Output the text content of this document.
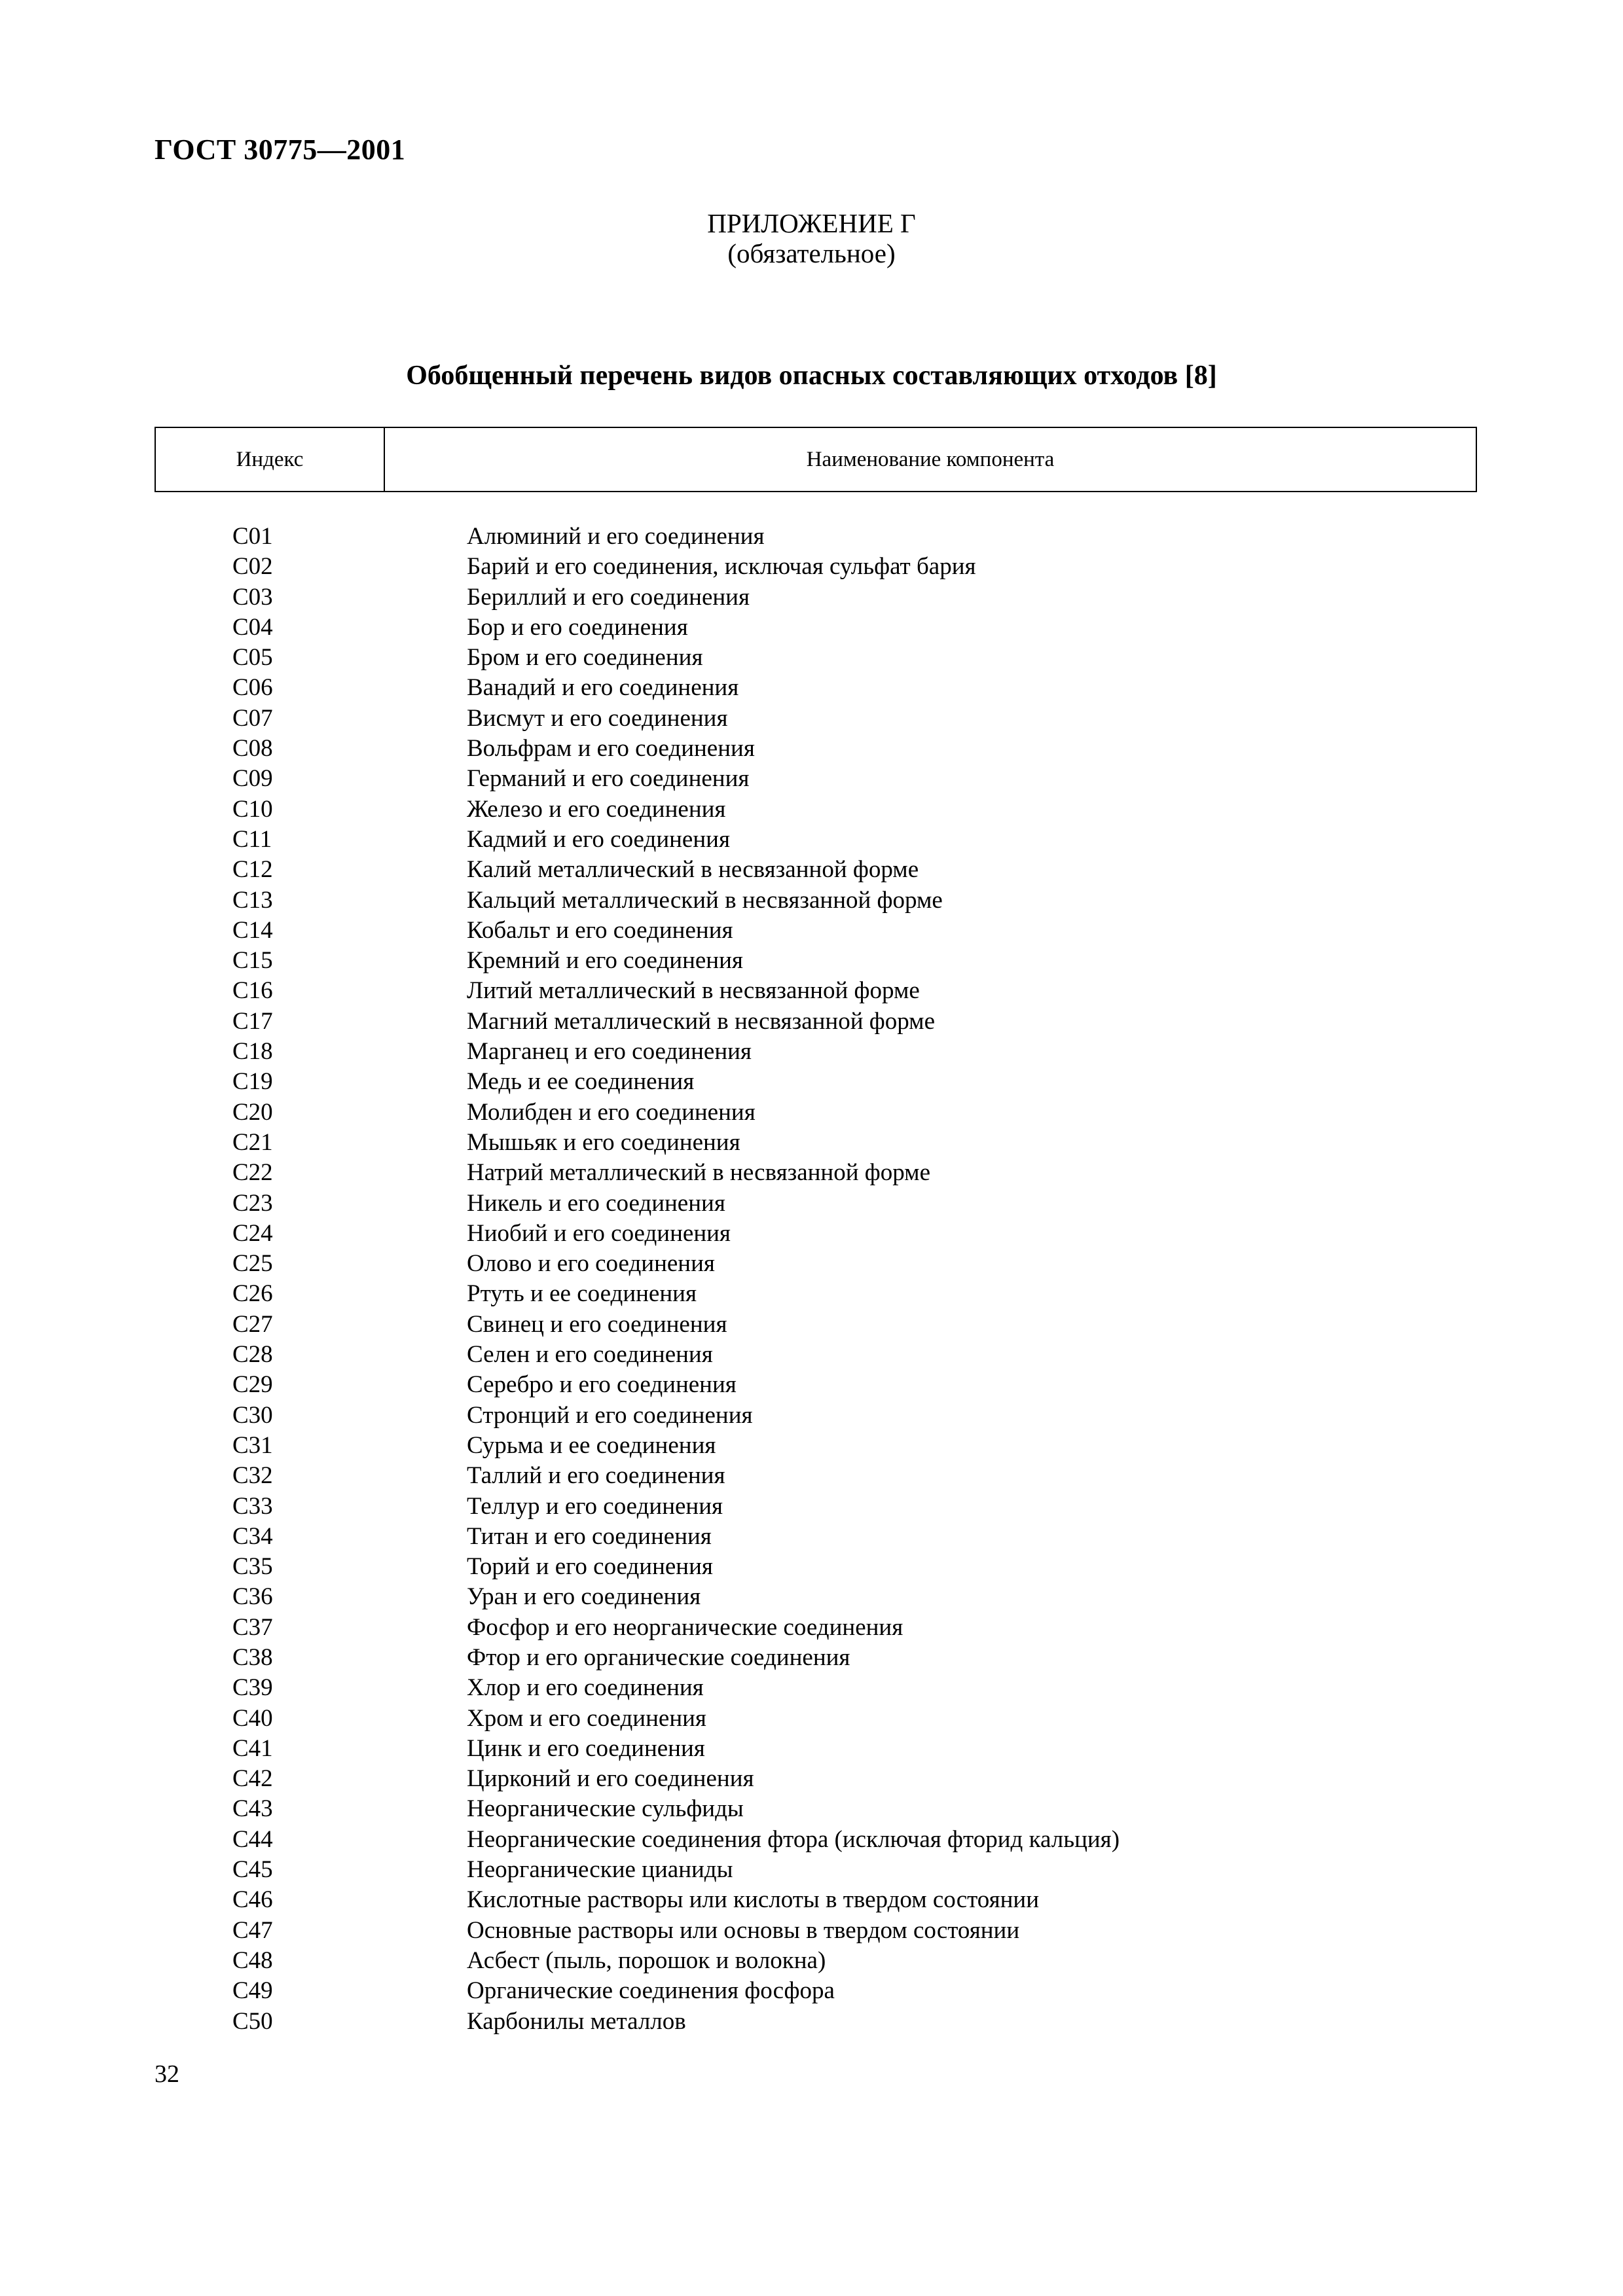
ГОСТ 30775—2001
ПРИЛОЖЕНИЕ Г
(обязательное)
Обобщенный перечень видов опасных составляющих отходов [8]
Индекс	Наименование компонента
C01	Алюминий и его соединения
C02	Барий и его соединения, исключая сульфат бария
C03	Бериллий и его соединения
C04	Бор и его соединения
C05	Бром и его соединения
C06	Ванадий и его соединения
C07	Висмут и его соединения
C08	Вольфрам и его соединения
C09	Германий и его соединения
C10	Железо и его соединения
C11	Кадмий и его соединения
C12	Калий металлический в несвязанной форме
C13	Кальций металлический в несвязанной форме
C14	Кобальт и его соединения
C15	Кремний и его соединения
C16	Литий металлический в несвязанной форме
C17	Магний металлический в несвязанной форме
C18	Марганец и его соединения
C19	Медь и ее соединения
C20	Молибден и его соединения
C21	Мышьяк и его соединения
C22	Натрий металлический в несвязанной форме
C23	Никель и его соединения
C24	Ниобий и его соединения
C25	Олово и его соединения
C26	Ртуть и ее соединения
C27	Свинец и его соединения
C28	Селен и его соединения
C29	Серебро и его соединения
C30	Стронций и его соединения
C31	Сурьма и ее соединения
C32	Таллий и его соединения
C33	Теллур и его соединения
C34	Титан и его соединения
C35	Торий и его соединения
C36	Уран и его соединения
C37	Фосфор и его неорганические соединения
C38	Фтор и его органические соединения
C39	Хлор и его соединения
C40	Хром и его соединения
C41	Цинк и его соединения
C42	Цирконий и его соединения
C43	Неорганические сульфиды
C44	Неорганические соединения фтора (исключая фторид кальция)
C45	Неорганические цианиды
C46	Кислотные растворы или кислоты в твердом состоянии
C47	Основные растворы или основы в твердом состоянии
C48	Асбест (пыль, порошок и волокна)
C49	Органические соединения фосфора
C50	Карбонилы металлов
32
